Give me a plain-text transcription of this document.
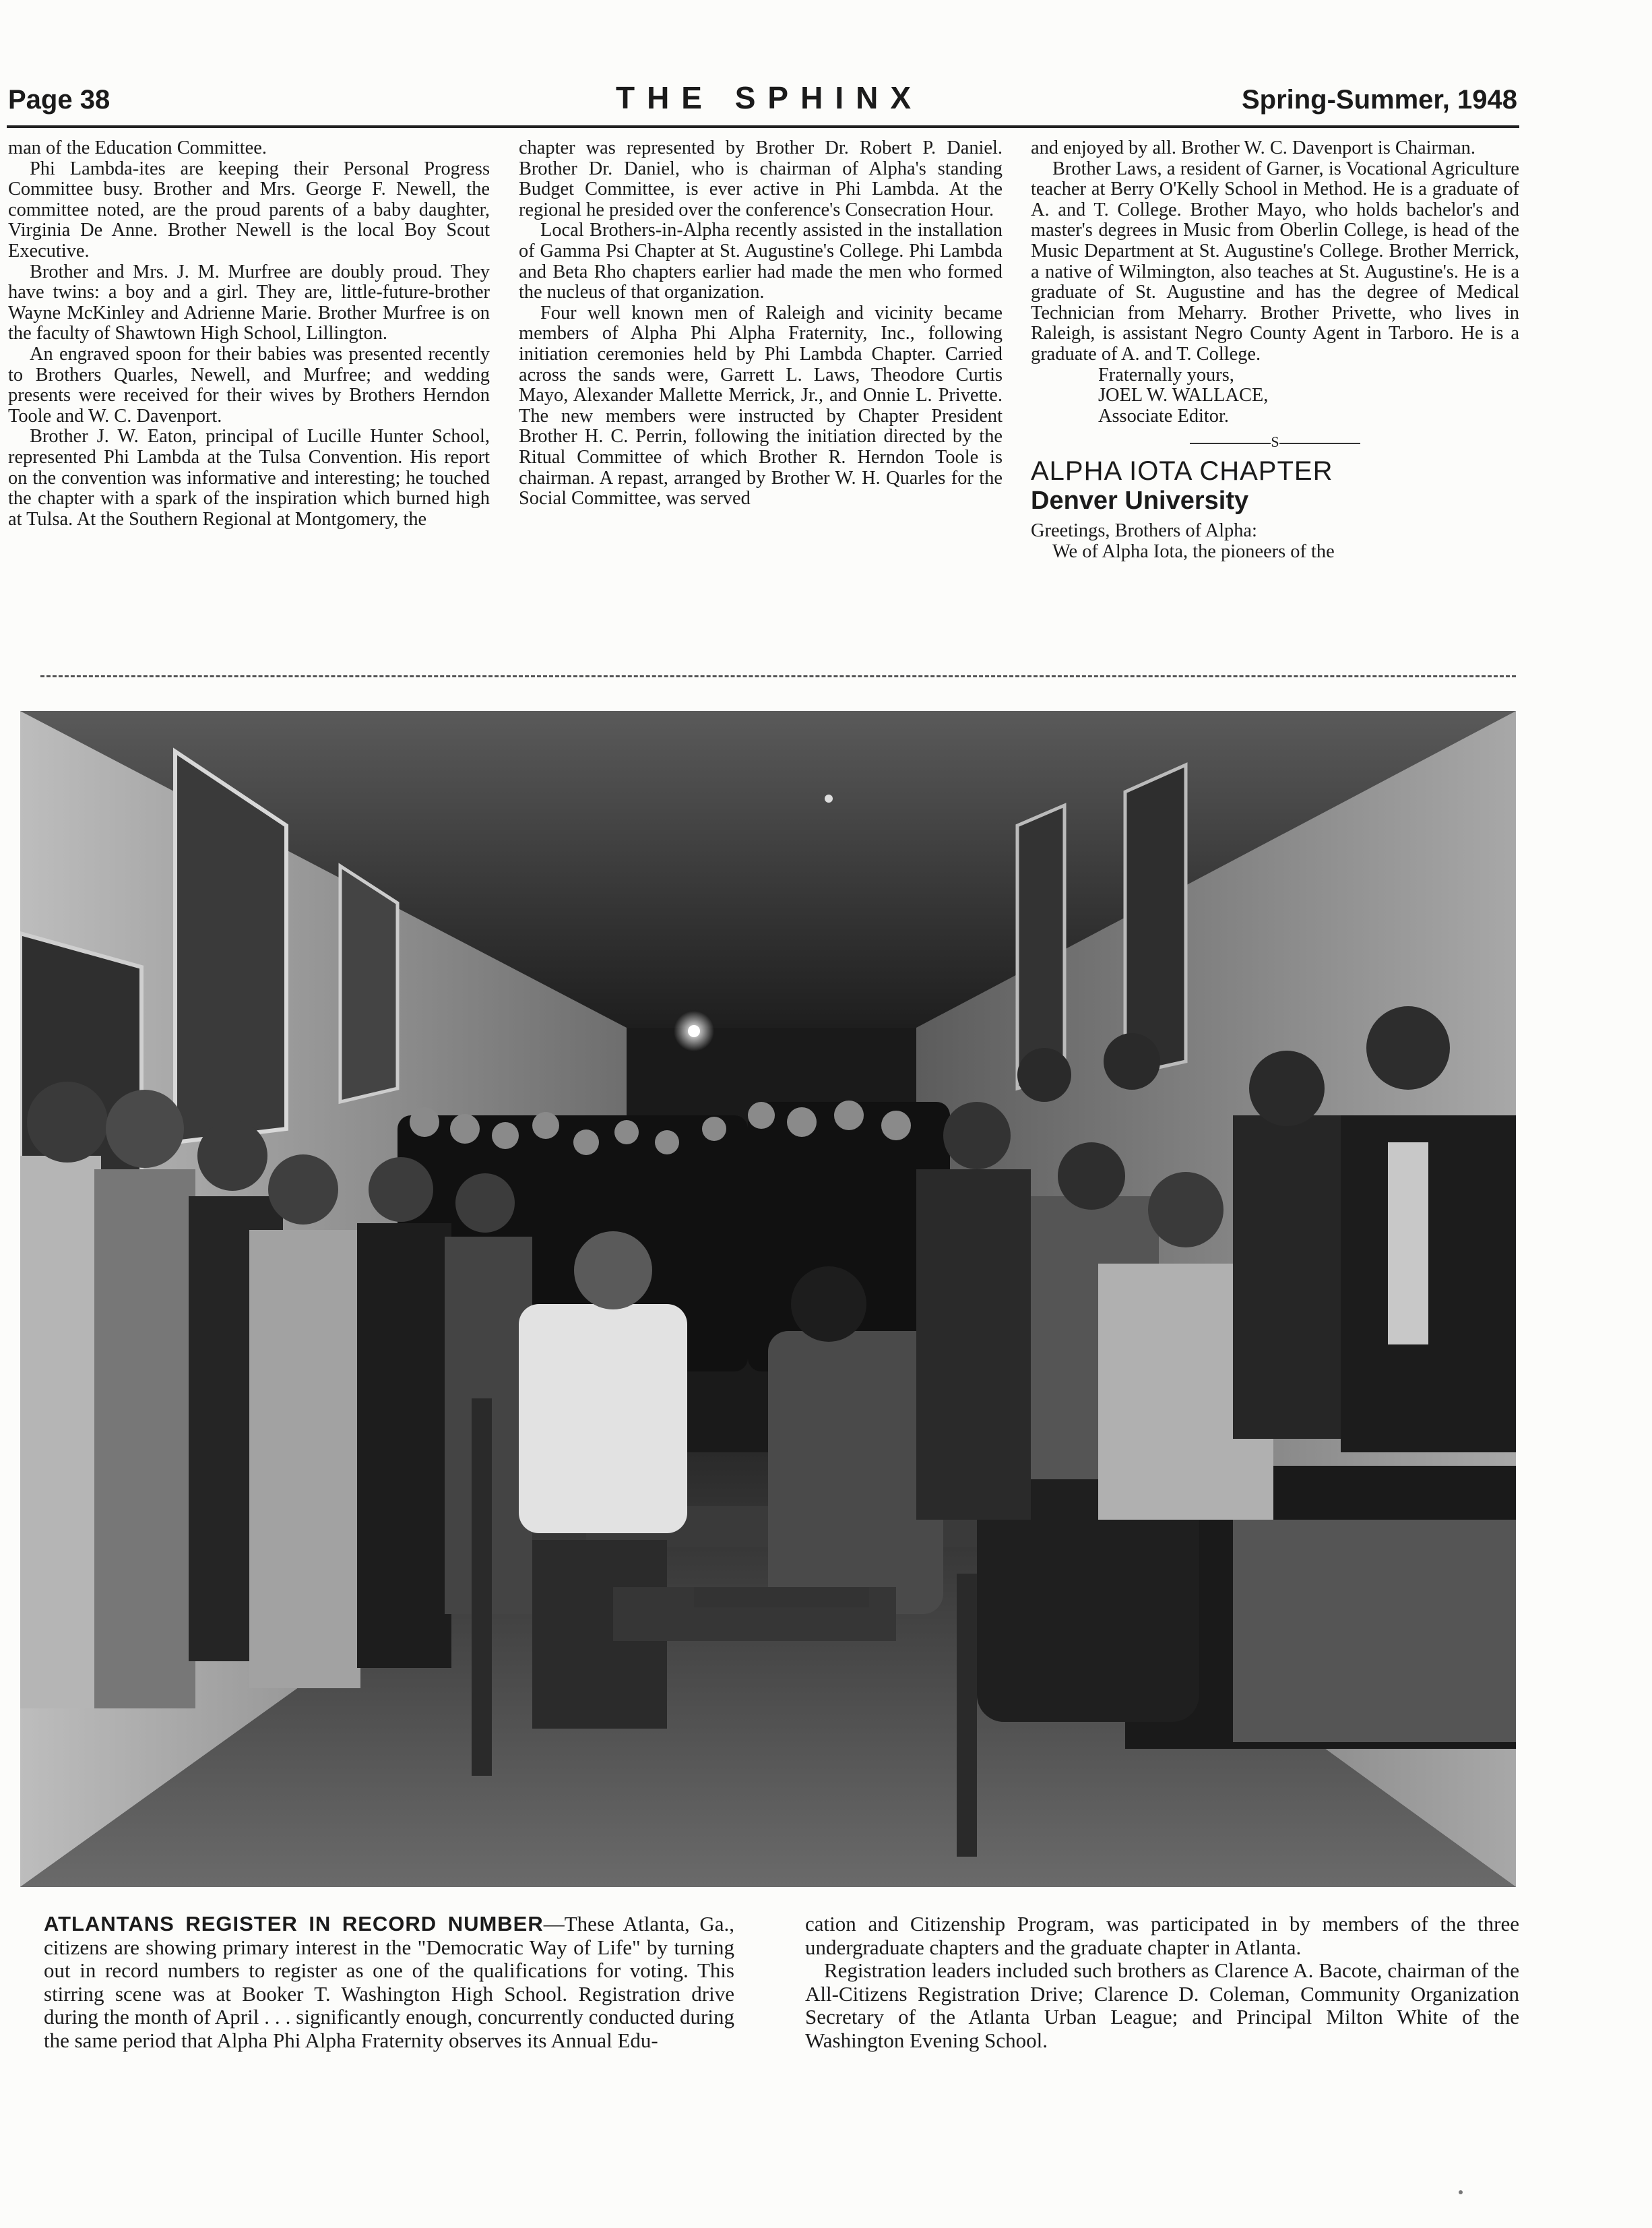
Page 38	THE SPHINX	Spring-Summer, 1948

man of the Education Committee.

Phi Lambda-ites are keeping their Personal Progress Committee busy. Brother and Mrs. George F. Newell, the committee noted, are the proud parents of a baby daughter, Virginia De Anne. Brother Newell is the local Boy Scout Executive.

Brother and Mrs. J. M. Murfree are doubly proud. They have twins: a boy and a girl. They are, little-future-brother Wayne McKinley and Adrienne Marie. Brother Murfree is on the faculty of Shawtown High School, Lillington.

An engraved spoon for their babies was presented recently to Brothers Quarles, Newell, and Murfree; and wedding presents were received for their wives by Brothers Herndon Toole and W. C. Davenport.

Brother J. W. Eaton, principal of Lucille Hunter School, represented Phi Lambda at the Tulsa Convention. His report on the convention was informative and interesting; he touched the chapter with a spark of the inspiration which burned high at Tulsa. At the Southern Regional at Montgomery, the

chapter was represented by Brother Dr. Robert P. Daniel. Brother Dr. Daniel, who is chairman of Alpha's standing Budget Committee, is ever active in Phi Lambda. At the regional he presided over the conference's Consecration Hour.

Local Brothers-in-Alpha recently assisted in the installation of Gamma Psi Chapter at St. Augustine's College. Phi Lambda and Beta Rho chapters earlier had made the men who formed the nucleus of that organization.

Four well known men of Raleigh and vicinity became members of Alpha Phi Alpha Fraternity, Inc., following initiation ceremonies held by Phi Lambda Chapter. Carried across the sands were, Garrett L. Laws, Theodore Curtis Mayo, Alexander Mallette Merrick, Jr., and Onnie L. Privette. The new members were instructed by Chapter President Brother H. C. Perrin, following the initiation directed by the Ritual Committee of which Brother R. Herndon Toole is chairman. A repast, arranged by Brother W. H. Quarles for the Social Committee, was served

and enjoyed by all. Brother W. C. Davenport is Chairman.

Brother Laws, a resident of Garner, is Vocational Agriculture teacher at Berry O'Kelly School in Method. He is a graduate of A. and T. College. Brother Mayo, who holds bachelor's and master's degrees in Music from Oberlin College, is head of the Music Department at St. Augustine's College. Brother Merrick, a native of Wilmington, also teaches at St. Augustine's. He is a graduate of St. Augustine and has the degree of Medical Technician from Meharry. Brother Privette, who lives in Raleigh, is assistant Negro County Agent in Tarboro. He is a graduate of A. and T. College.

Fraternally yours,

JOEL W. WALLACE,

Associate Editor.

S
ALPHA IOTA CHAPTER
Denver University

Greetings, Brothers of Alpha:

We of Alpha Iota, the pioneers of the

ATLANTANS REGISTER IN RECORD NUMBER—These Atlanta, Ga., citizens are showing primary interest in the "Democratic Way of Life" by turning out in record numbers to register as one of the qualifications for voting. This stirring scene was at Booker T. Washington High School. Registration drive during the month of April . . . significantly enough, concurrently conducted during the same period that Alpha Phi Alpha Fraternity observes its Annual Edu-

cation and Citizenship Program, was participated in by members of the three undergraduate chapters and the graduate chapter in Atlanta.

Registration leaders included such brothers as Clarence A. Bacote, chairman of the All-Citizens Registration Drive; Clarence D. Coleman, Community Organization Secretary of the Atlanta Urban League; and Principal Milton White of the Washington Evening School.
